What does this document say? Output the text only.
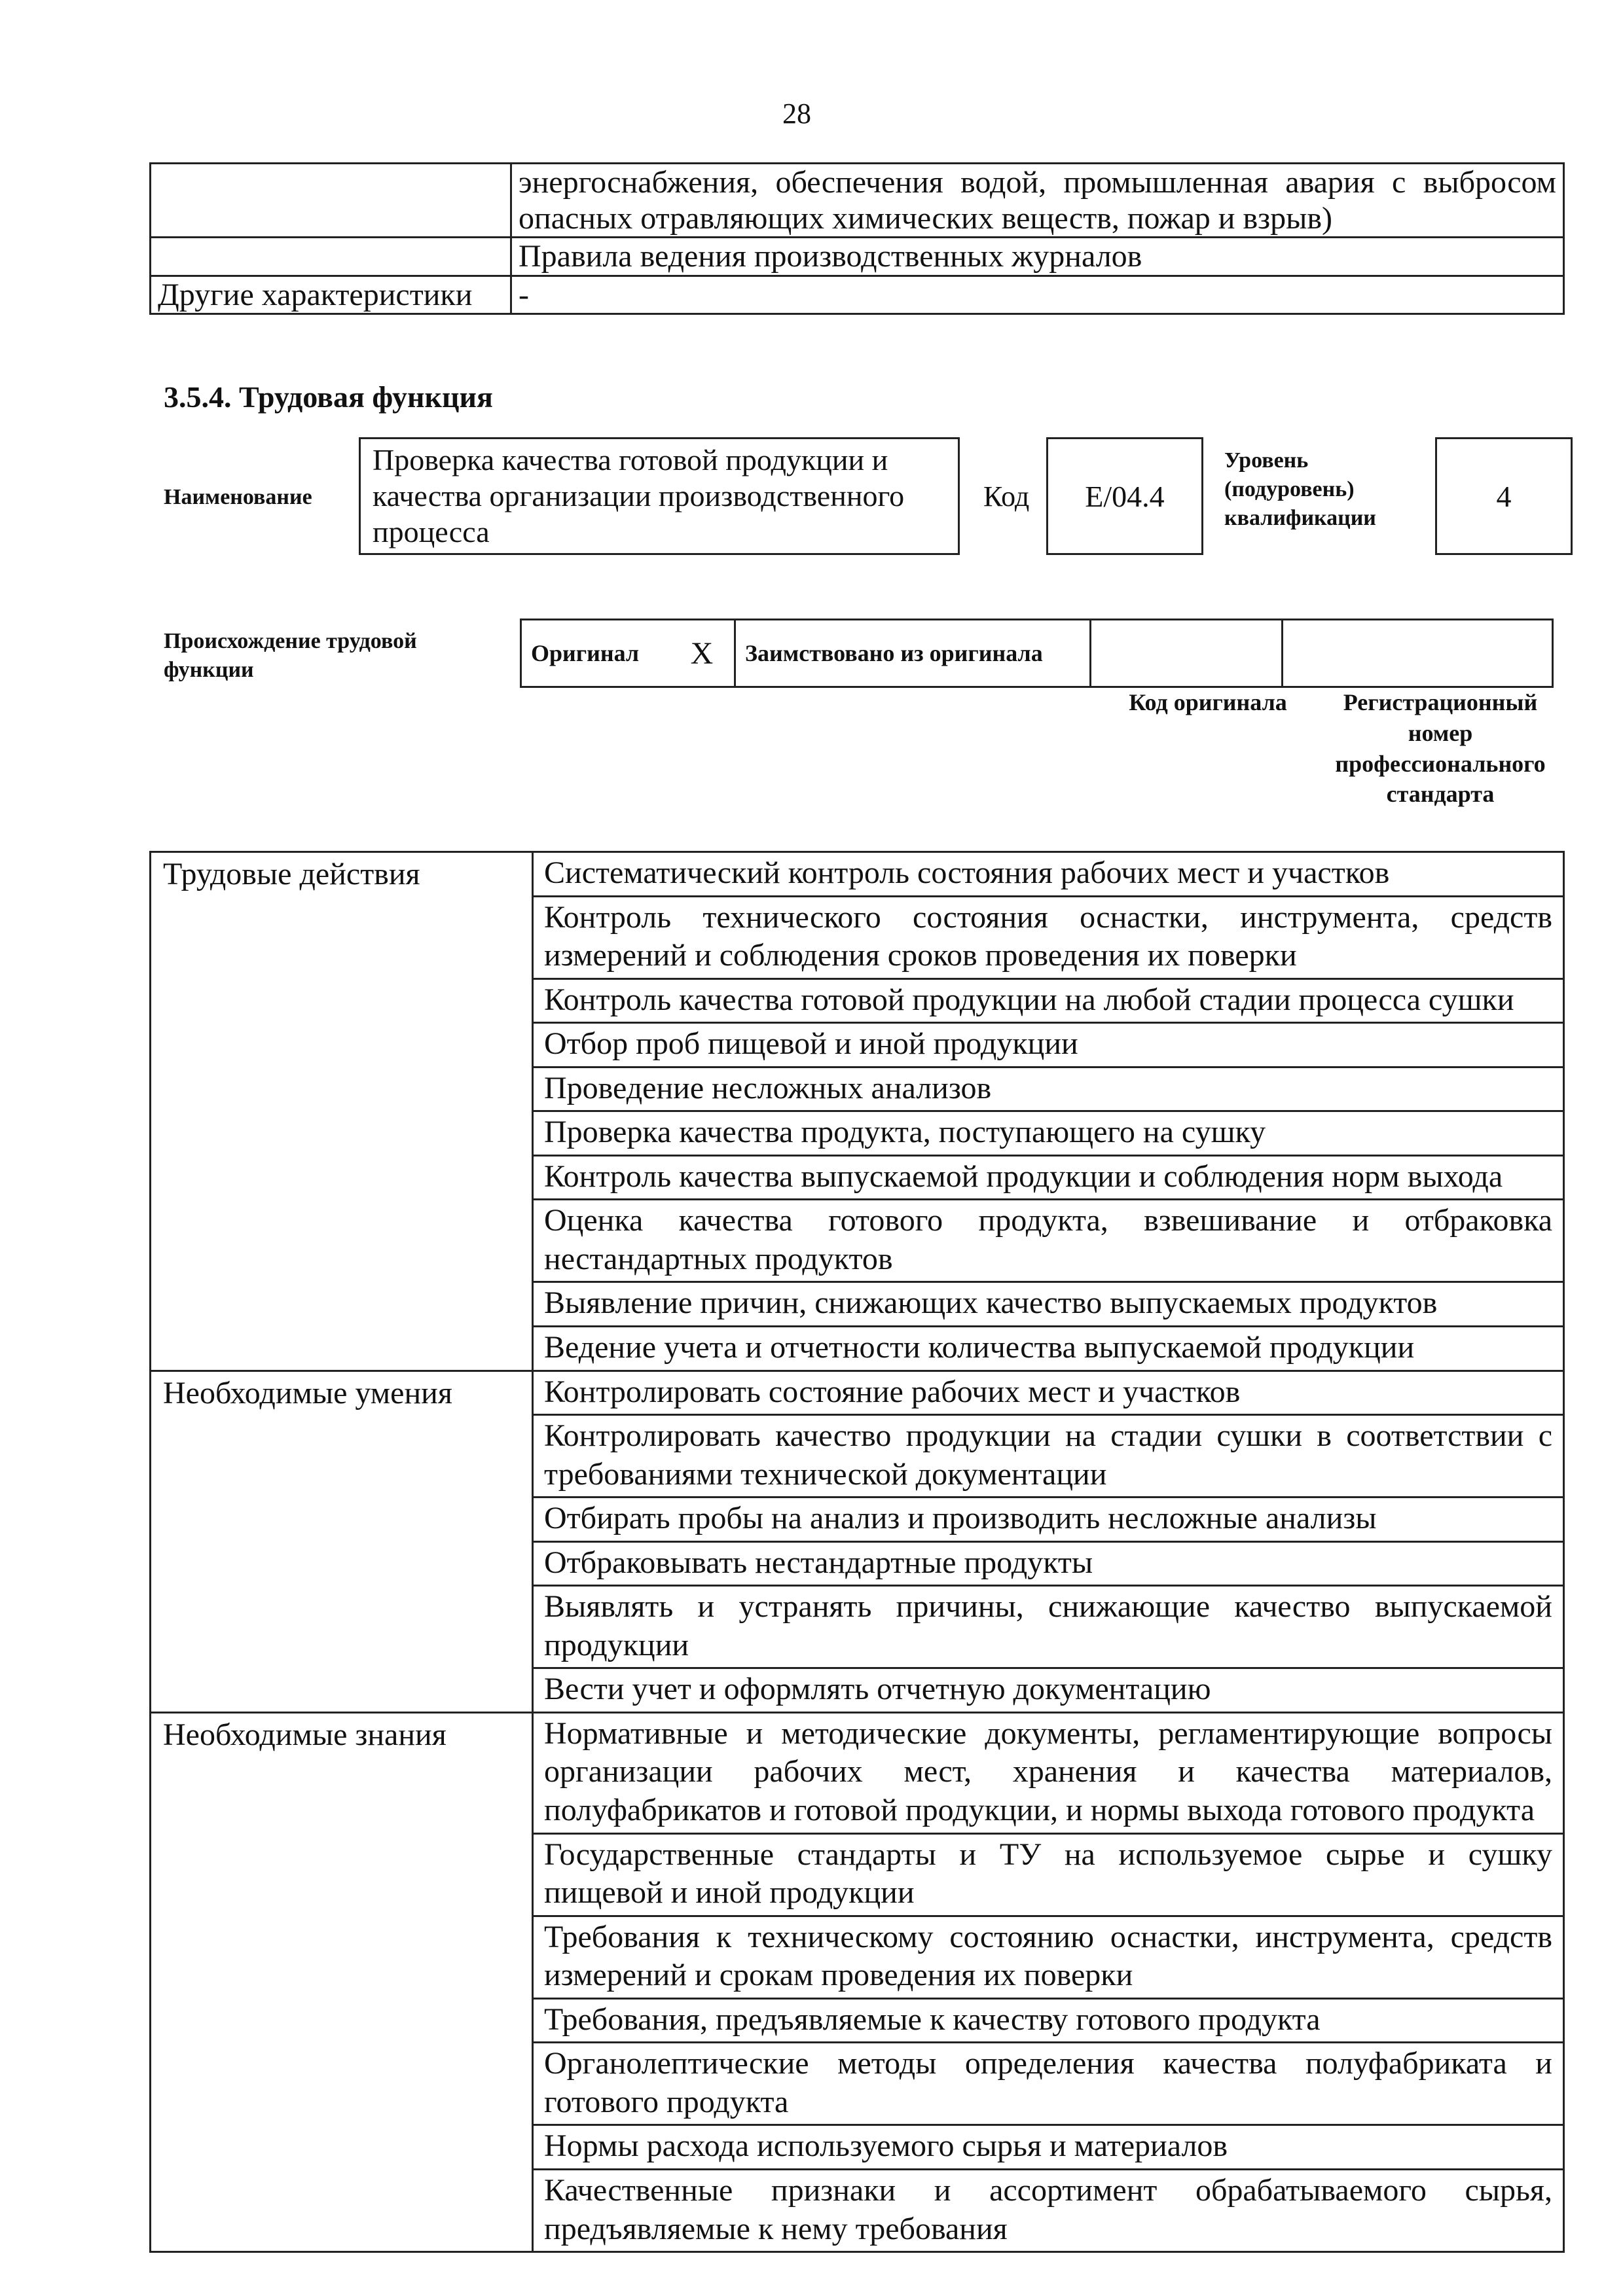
28
	энергоснабжения, обеспечения водой, промышленная авария с выбросом опасных отравляющих химических веществ, пожар и взрыв)
	Правила ведения производственных журналов
Другие характеристики	-
3.5.4. Трудовая функция
Наименование
Проверка качества готовой продукции и качества организации производственного процесса
Код E/04.4
Уровень (подуровень) квалификации
4
Происхождение трудовой функции
Оригинал	X	Заимствовано из оригинала		
Код оригинала	Регистрационный номер профессионального стандарта
Трудовые действия	Систематический контроль состояния рабочих мест и участков
	Контроль технического состояния оснастки, инструмента, средств измерений и соблюдения сроков проведения их поверки
	Контроль качества готовой продукции на любой стадии процесса сушки
	Отбор проб пищевой и иной продукции
	Проведение несложных анализов
	Проверка качества продукта, поступающего на сушку
	Контроль качества выпускаемой продукции и соблюдения норм выхода
	Оценка качества готового продукта, взвешивание и отбраковка нестандартных продуктов
	Выявление причин, снижающих качество выпускаемых продуктов
	Ведение учета и отчетности количества выпускаемой продукции
Необходимые умения	Контролировать состояние рабочих мест и участков
	Контролировать качество продукции на стадии сушки в соответствии с требованиями технической документации
	Отбирать пробы на анализ и производить несложные анализы
	Отбраковывать нестандартные продукты
	Выявлять и устранять причины, снижающие качество выпускаемой продукции
	Вести учет и оформлять отчетную документацию
Необходимые знания	Нормативные и методические документы, регламентирующие вопросы организации рабочих мест, хранения и качества материалов, полуфабрикатов и готовой продукции, и нормы выхода готового продукта
	Государственные стандарты и ТУ на используемое сырье и сушку пищевой и иной продукции
	Требования к техническому состоянию оснастки, инструмента, средств измерений и срокам проведения их поверки
	Требования, предъявляемые к качеству готового продукта
	Органолептические методы определения качества полуфабриката и готового продукта
	Нормы расхода используемого сырья и материалов
	Качественные признаки и ассортимент обрабатываемого сырья, предъявляемые к нему требования
